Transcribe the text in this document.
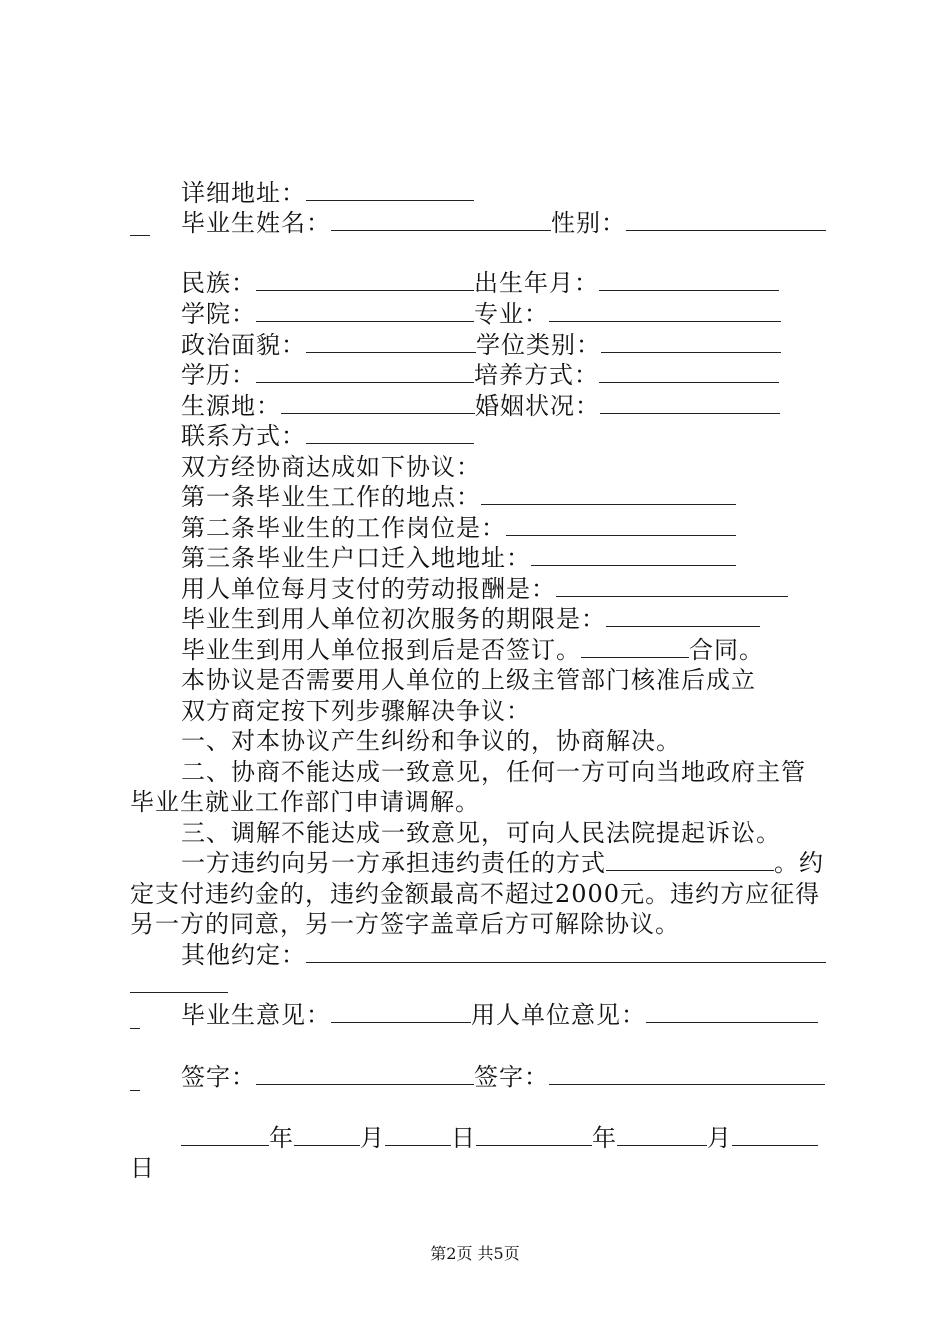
详细地址：
毕业生姓名：	性别：
民族：	出生年月：
学院：	专业：
政治面貌：	学位类别：
学历：	培养方式：
生源地：	婚姻状况：
联系方式：
双方经协商达成如下协议：
第一条毕业生工作的地点：
第二条毕业生的工作岗位是：
第三条毕业生户口迁入地地址：
用人单位每月支付的劳动报酬是：
毕业生到用人单位初次服务的期限是：
毕业生到用人单位报到后是否签订。	合同。
本协议是否需要用人单位的上级主管部门核准后成立
双方商定按下列步骤解决争议：
一、对本协议产生纠纷和争议的，协商解决。
二、协商不能达成一致意见，任何一方可向当地政府主管
毕业生就业工作部门申请调解。
三、调解不能达成一致意见，可向人民法院提起诉讼。
一方违约向另一方承担违约责任的方式	。约
定支付违约金的，违约金额最高不超过2000元。违约方应征得
另一方的同意，另一方签字盖章后方可解除协议。
其他约定：
毕业生意见：	用人单位意见：
签字：	签字：
年	月	日	年	月
日
第2页 共5页
